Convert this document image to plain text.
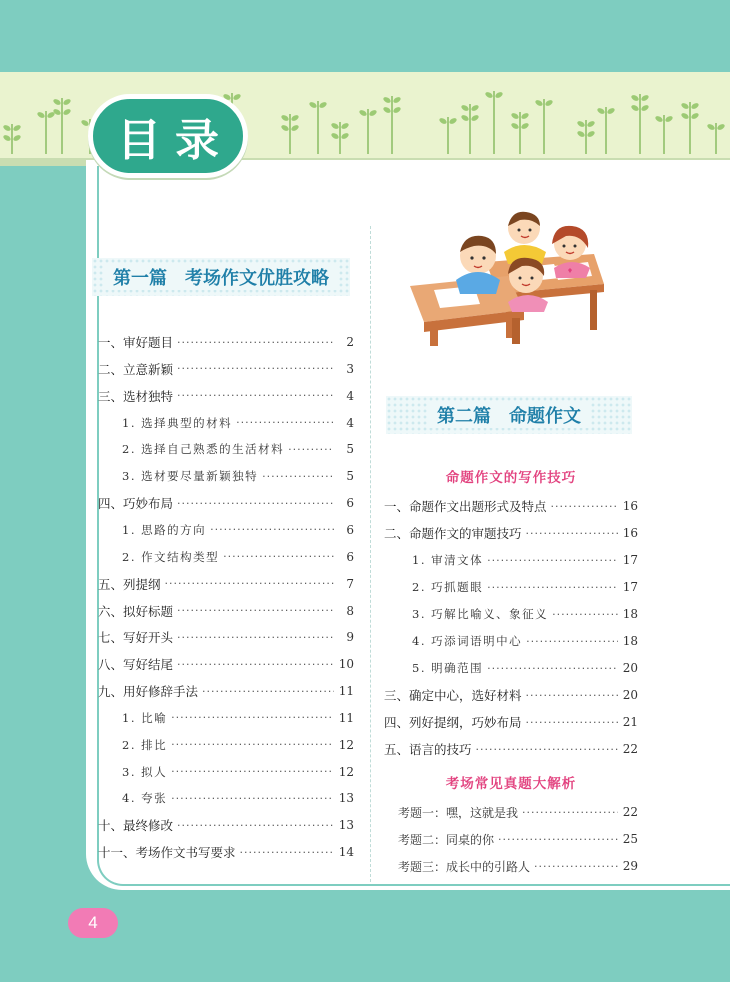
目录
第一篇　考场作文优胜攻略
一、审好题目 ·····	2
二、立意新颖 ·····	3
三、选材独特 ·····	4
1. 选择典型的材料 ·····	4
2. 选择自己熟悉的生活材料 ·····	5
3. 选材要尽量新颖独特 ·····	5
四、巧妙布局 ·····	6
1. 思路的方向 ·····	6
2. 作文结构类型 ·····	6
五、列提纲 ·····	7
六、拟好标题 ·····	8
七、写好开头 ·····	9
八、写好结尾 ·····	10
九、用好修辞手法 ·····	11
1. 比喻 ·····	11
2. 排比 ·····	12
3. 拟人 ·····	12
4. 夸张 ·····	13
十、最终修改 ·····	13
十一、考场作文书写要求 ·····	14
第二篇　命题作文
命题作文的写作技巧
一、命题作文出题形式及特点 ·····	16
二、命题作文的审题技巧 ·····	16
1. 审清文体 ·····	17
2. 巧抓题眼 ·····	17
3. 巧解比喻义、象征义 ·····	18
4. 巧添词语明中心 ·····	18
5. 明确范围 ·····	20
三、确定中心，选好材料 ·····	20
四、列好提纲，巧妙布局 ·····	21
五、语言的技巧 ·····	22
考场常见真题大解析
考题一：嘿，这就是我 ·····	22
考题二：同桌的你 ·····	25
考题三：成长中的引路人 ·····	29
4
